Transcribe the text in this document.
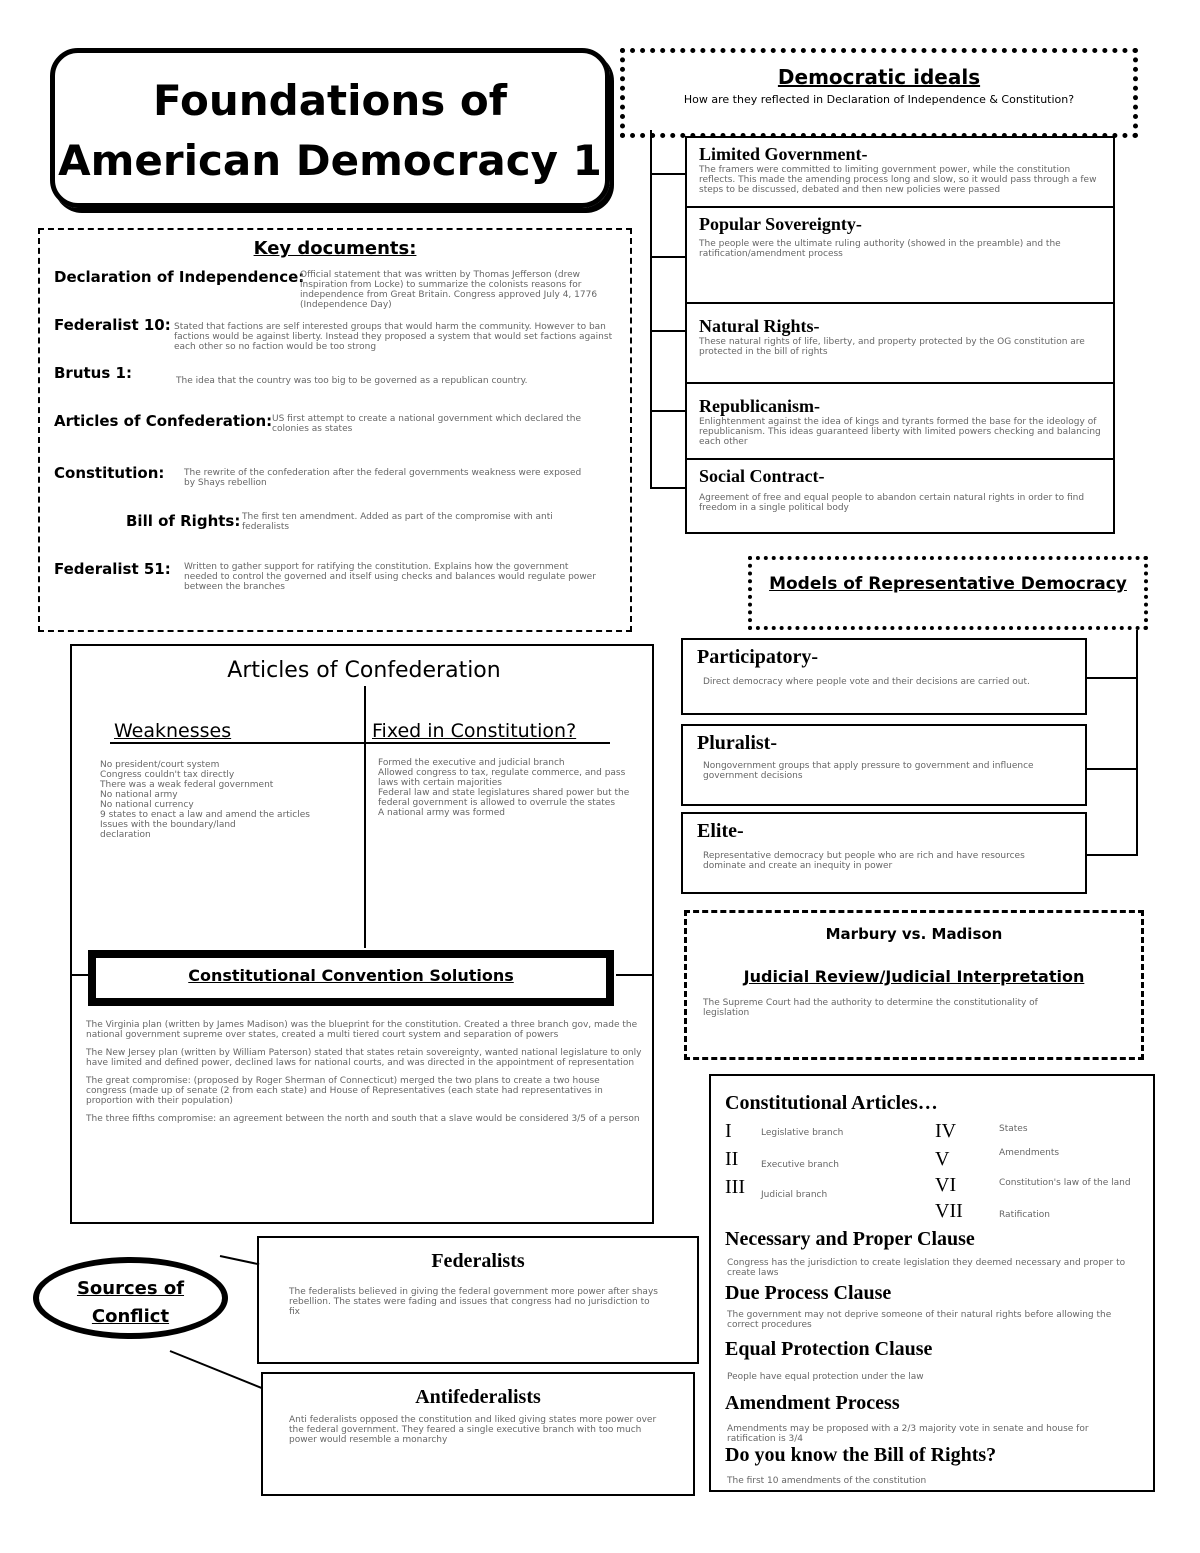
Foundations of
American Democracy 1
Democratic ideals
How are they reflected in Declaration of Independence & Constitution?
Limited Government-
The framers were committed to limiting government power, while the constitution reflects. This made the amending process long and slow, so it would pass through a few steps to be discussed, debated and then new policies were passed
Popular Sovereignty-
The people were the ultimate ruling authority (showed in the preamble) and the ratification/amendment process
Natural Rights-
These natural rights of life, liberty, and property protected by the OG constitution are protected in the bill of rights
Republicanism-
Enlightenment against the idea of kings and tyrants formed the base for the ideology of republicanism. This ideas guaranteed liberty with limited powers checking and balancing each other
Social Contract-
Agreement of free and equal people to abandon certain natural rights in order to find freedom in a single political body
Key documents:
Declaration of Independence:
Official statement that was written by Thomas Jefferson (drew inspiration from Locke) to summarize the colonists reasons for independence from Great Britain. Congress approved July 4, 1776 (Independence Day)
Federalist 10: Stated that factions are self interested groups that would harm the community. However to ban factions would be against liberty. Instead they proposed a system that would set factions against each other so no faction would be too strong
Brutus 1:	The idea that the country was too big to be governed as a republican country.
Articles of Confederation: US first attempt to create a national government which declared the colonies as states
Constitution: The rewrite of the confederation after the federal governments weakness were exposed by Shays rebellion
Bill of Rights: The first ten amendment. Added as part of the compromise with anti federalists
Federalist 51: Written to gather support for ratifying the constitution. Explains how the government needed to control the governed and itself using checks and balances would regulate power between the branches	Models of Representative Democracy
Participatory-
Direct democracy where people vote and their decisions are carried out.
Pluralist-
Nongovernment groups that apply pressure to government and influence government decisions
Elite-
Representative democracy but people who are rich and have resources dominate and create an inequity in power
Marbury vs. Madison
Judicial Review/Judicial Interpretation
The Supreme Court had the authority to determine the constitutionality of legislation
Articles of Confederation
Weaknesses	Fixed in Constitution?
No president/court system
Congress couldn't tax directly
There was a weak federal government
No national army
No national currency
9 states to enact a law and amend the articles
Issues with the boundary/land
declaration
Formed the executive and judicial branch
Allowed congress to tax, regulate commerce, and pass laws with certain majorities
Federal law and state legislatures shared power but the federal government is allowed to overrule the states
A national army was formed
The Virginia plan (written by James Madison) was the blueprint for the constitution. Created a three branch gov, made the national government supreme over states, created a multi tiered court system and separation of powers
The New Jersey plan (written by William Paterson) stated that states retain sovereignty, wanted national legislature to only have limited and defined power, declined laws for national courts, and was directed in the appointment of representation
The great compromise: (proposed by Roger Sherman of Connecticut) merged the two plans to create a two house congress (made up of senate (2 from each state) and House of Representatives (each state had representatives in proportion with their population)
The three fifths compromise: an agreement between the north and south that a slave would be considered 3/5 of a person
Constitutional Convention Solutions
Constitutional Articles…
I	Legislative branch
II	Executive branch
III Judicial branch
IV	States
V	Amendments
VI	Constitution's law of the land
VII	Ratification
Necessary and Proper Clause
Congress has the jurisdiction to create legislation they deemed necessary and proper to create laws
Due Process Clause
The government may not deprive someone of their natural rights before allowing the correct procedures
Equal Protection Clause
People have equal protection under the law
Amendment Process
Amendments may be proposed with a 2/3 majority vote in senate and house for ratification is 3/4
Do you know the Bill of Rights?
The first 10 amendments of the constitution
Sources of
Conflict
Federalists
The federalists believed in giving the federal government more power after shays rebellion. The states were fading and issues that congress had no jurisdiction to fix
Antifederalists
Anti federalists opposed the constitution and liked giving states more power over the federal government. They feared a single executive branch with too much power would resemble a monarchy
